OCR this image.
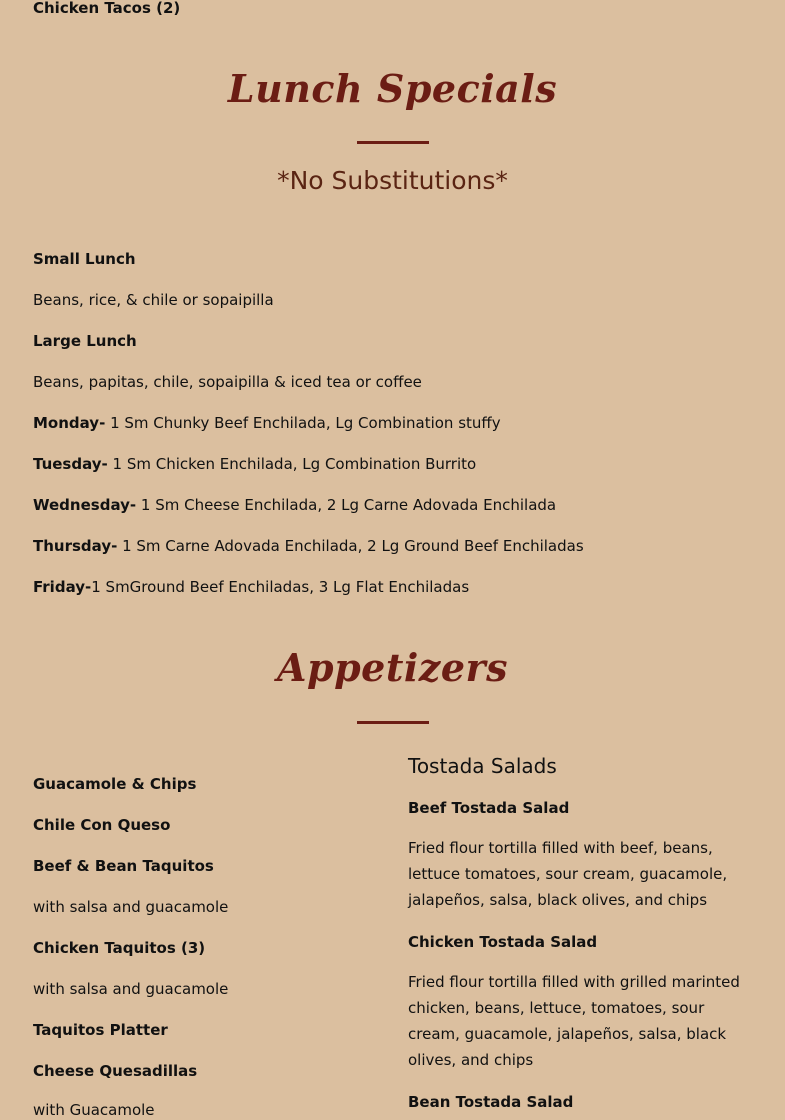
Chicken Tacos (2)
Lunch Specials
*No Substitutions*
Small Lunch
Beans, rice, & chile or sopaipilla
Large Lunch
Beans, papitas, chile, sopaipilla & iced tea or coffee
Monday- 1 Sm Chunky Beef Enchilada, Lg Combination stuffy
Tuesday- 1 Sm Chicken Enchilada, Lg Combination Burrito
Wednesday- 1 Sm Cheese Enchilada, 2 Lg Carne Adovada Enchilada
Thursday- 1 Sm Carne Adovada Enchilada, 2 Lg Ground Beef Enchiladas
Friday-1 SmGround Beef Enchiladas, 3 Lg Flat Enchiladas
Appetizers
Guacamole & Chips
Chile Con Queso
Beef & Bean Taquitos
with salsa and guacamole
Chicken Taquitos (3)
with salsa and guacamole
Taquitos Platter
Cheese Quesadillas
with Guacamole
Tostada Salads
Beef Tostada Salad
Fried flour tortilla filled with beef, beans, lettuce tomatoes, sour cream, guacamole, jalapeños, salsa, black olives, and chips
Chicken Tostada Salad
Fried flour tortilla filled with grilled marinted chicken, beans, lettuce, tomatoes, sour cream, guacamole, jalapeños, salsa, black olives, and chips
Bean Tostada Salad
